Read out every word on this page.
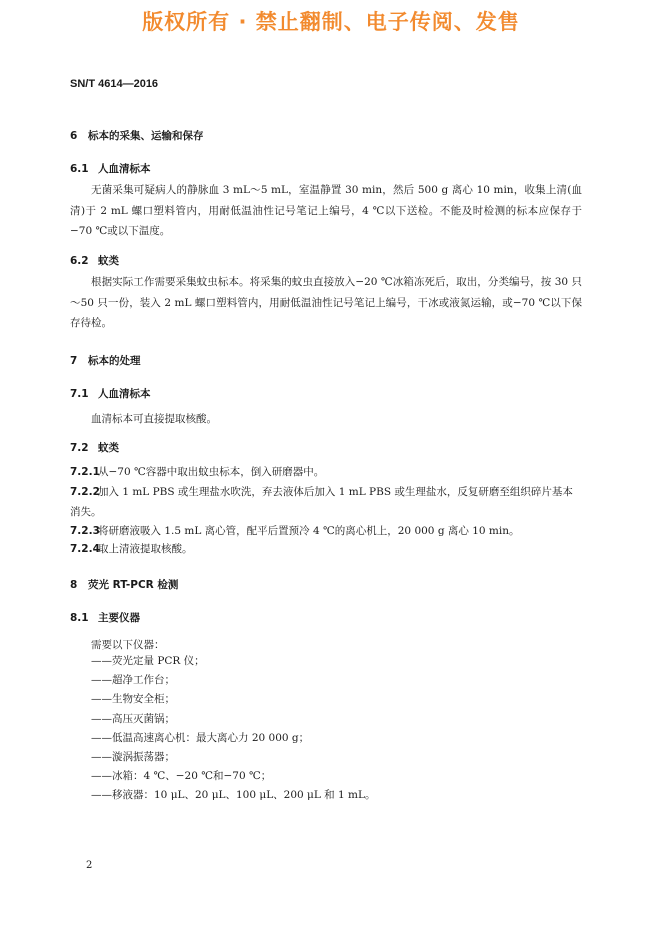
版权所有 · 禁止翻制、电子传阅、发售
SN/T 4614—2016
6 标本的采集、运输和保存
6.1 人血清标本
无菌采集可疑病人的静脉血 3 mL～5 mL，室温静置 30 min，然后 500 g 离心 10 min，收集上清(血清)于 2 mL 螺口塑料管内，用耐低温油性记号笔记上编号，4 ℃以下送检。不能及时检测的标本应保存于−70 ℃或以下温度。
6.2 蚊类
根据实际工作需要采集蚊虫标本。将采集的蚊虫直接放入−20 ℃冰箱冻死后，取出，分类编号，按 30 只～50 只一份，装入 2 mL 螺口塑料管内，用耐低温油性记号笔记上编号，干冰或液氮运输，或−70 ℃以下保存待检。
7 标本的处理
7.1 人血清标本
血清标本可直接提取核酸。
7.2 蚊类
7.2.1从−70 ℃容器中取出蚊虫标本，倒入研磨器中。
7.2.2加入 1 mL PBS 或生理盐水吹洗，弃去液体后加入 1 mL PBS 或生理盐水，反复研磨至组织碎片基本消失。
7.2.3将研磨液吸入 1.5 mL 离心管，配平后置预冷 4 ℃的离心机上，20 000 g 离心 10 min。
7.2.4取上清液提取核酸。
8 荧光 RT-PCR 检测
8.1 主要仪器
需要以下仪器：
——荧光定量 PCR 仪；
——超净工作台；
——生物安全柜；
——高压灭菌锅；
——低温高速离心机：最大离心力 20 000 g；
——漩涡振荡器；
——冰箱：4 ℃、−20 ℃和−70 ℃；
——移液器：10 μL、20 μL、100 μL、200 μL 和 1 mL。
2
